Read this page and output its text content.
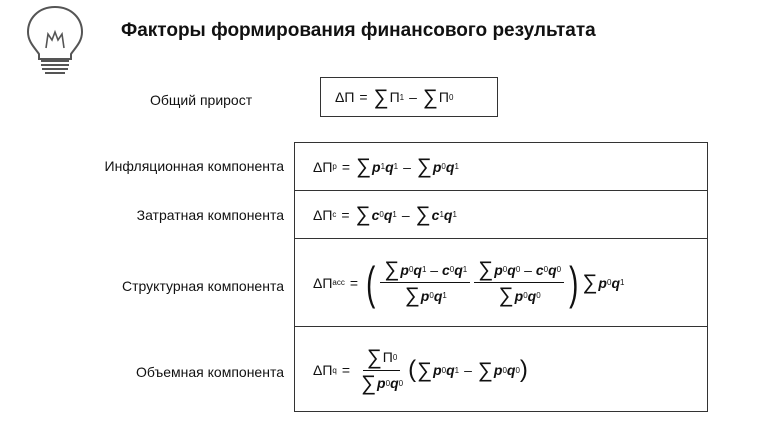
Факторы формирования финансового результата
Общий прирост	ΔП = ∑ П 1 – ∑ П 0
Инфляционная компонента
Затратная компонента
Структурная компонента
Объемная компонента
ΔП p = ∑ p 1 q 1 – ∑ p 0 q 1
ΔП c = ∑ c 0 q 1 – ∑ c 1 q 1
ΔП асс = ( $\frac{\sum p 0 q 1 - c 0 q 1}{\sum p 0 q 1} \frac{\sum p 0 q 0 - c 0 q 0}{\sum p 0 q 0}$ ) ∑ p 0 q 1
ΔП $q = \frac{\sum П 0}{\sum p 0 q 0}$ ( ∑ p 0 q 1 – ∑ p 0 q 0 )
